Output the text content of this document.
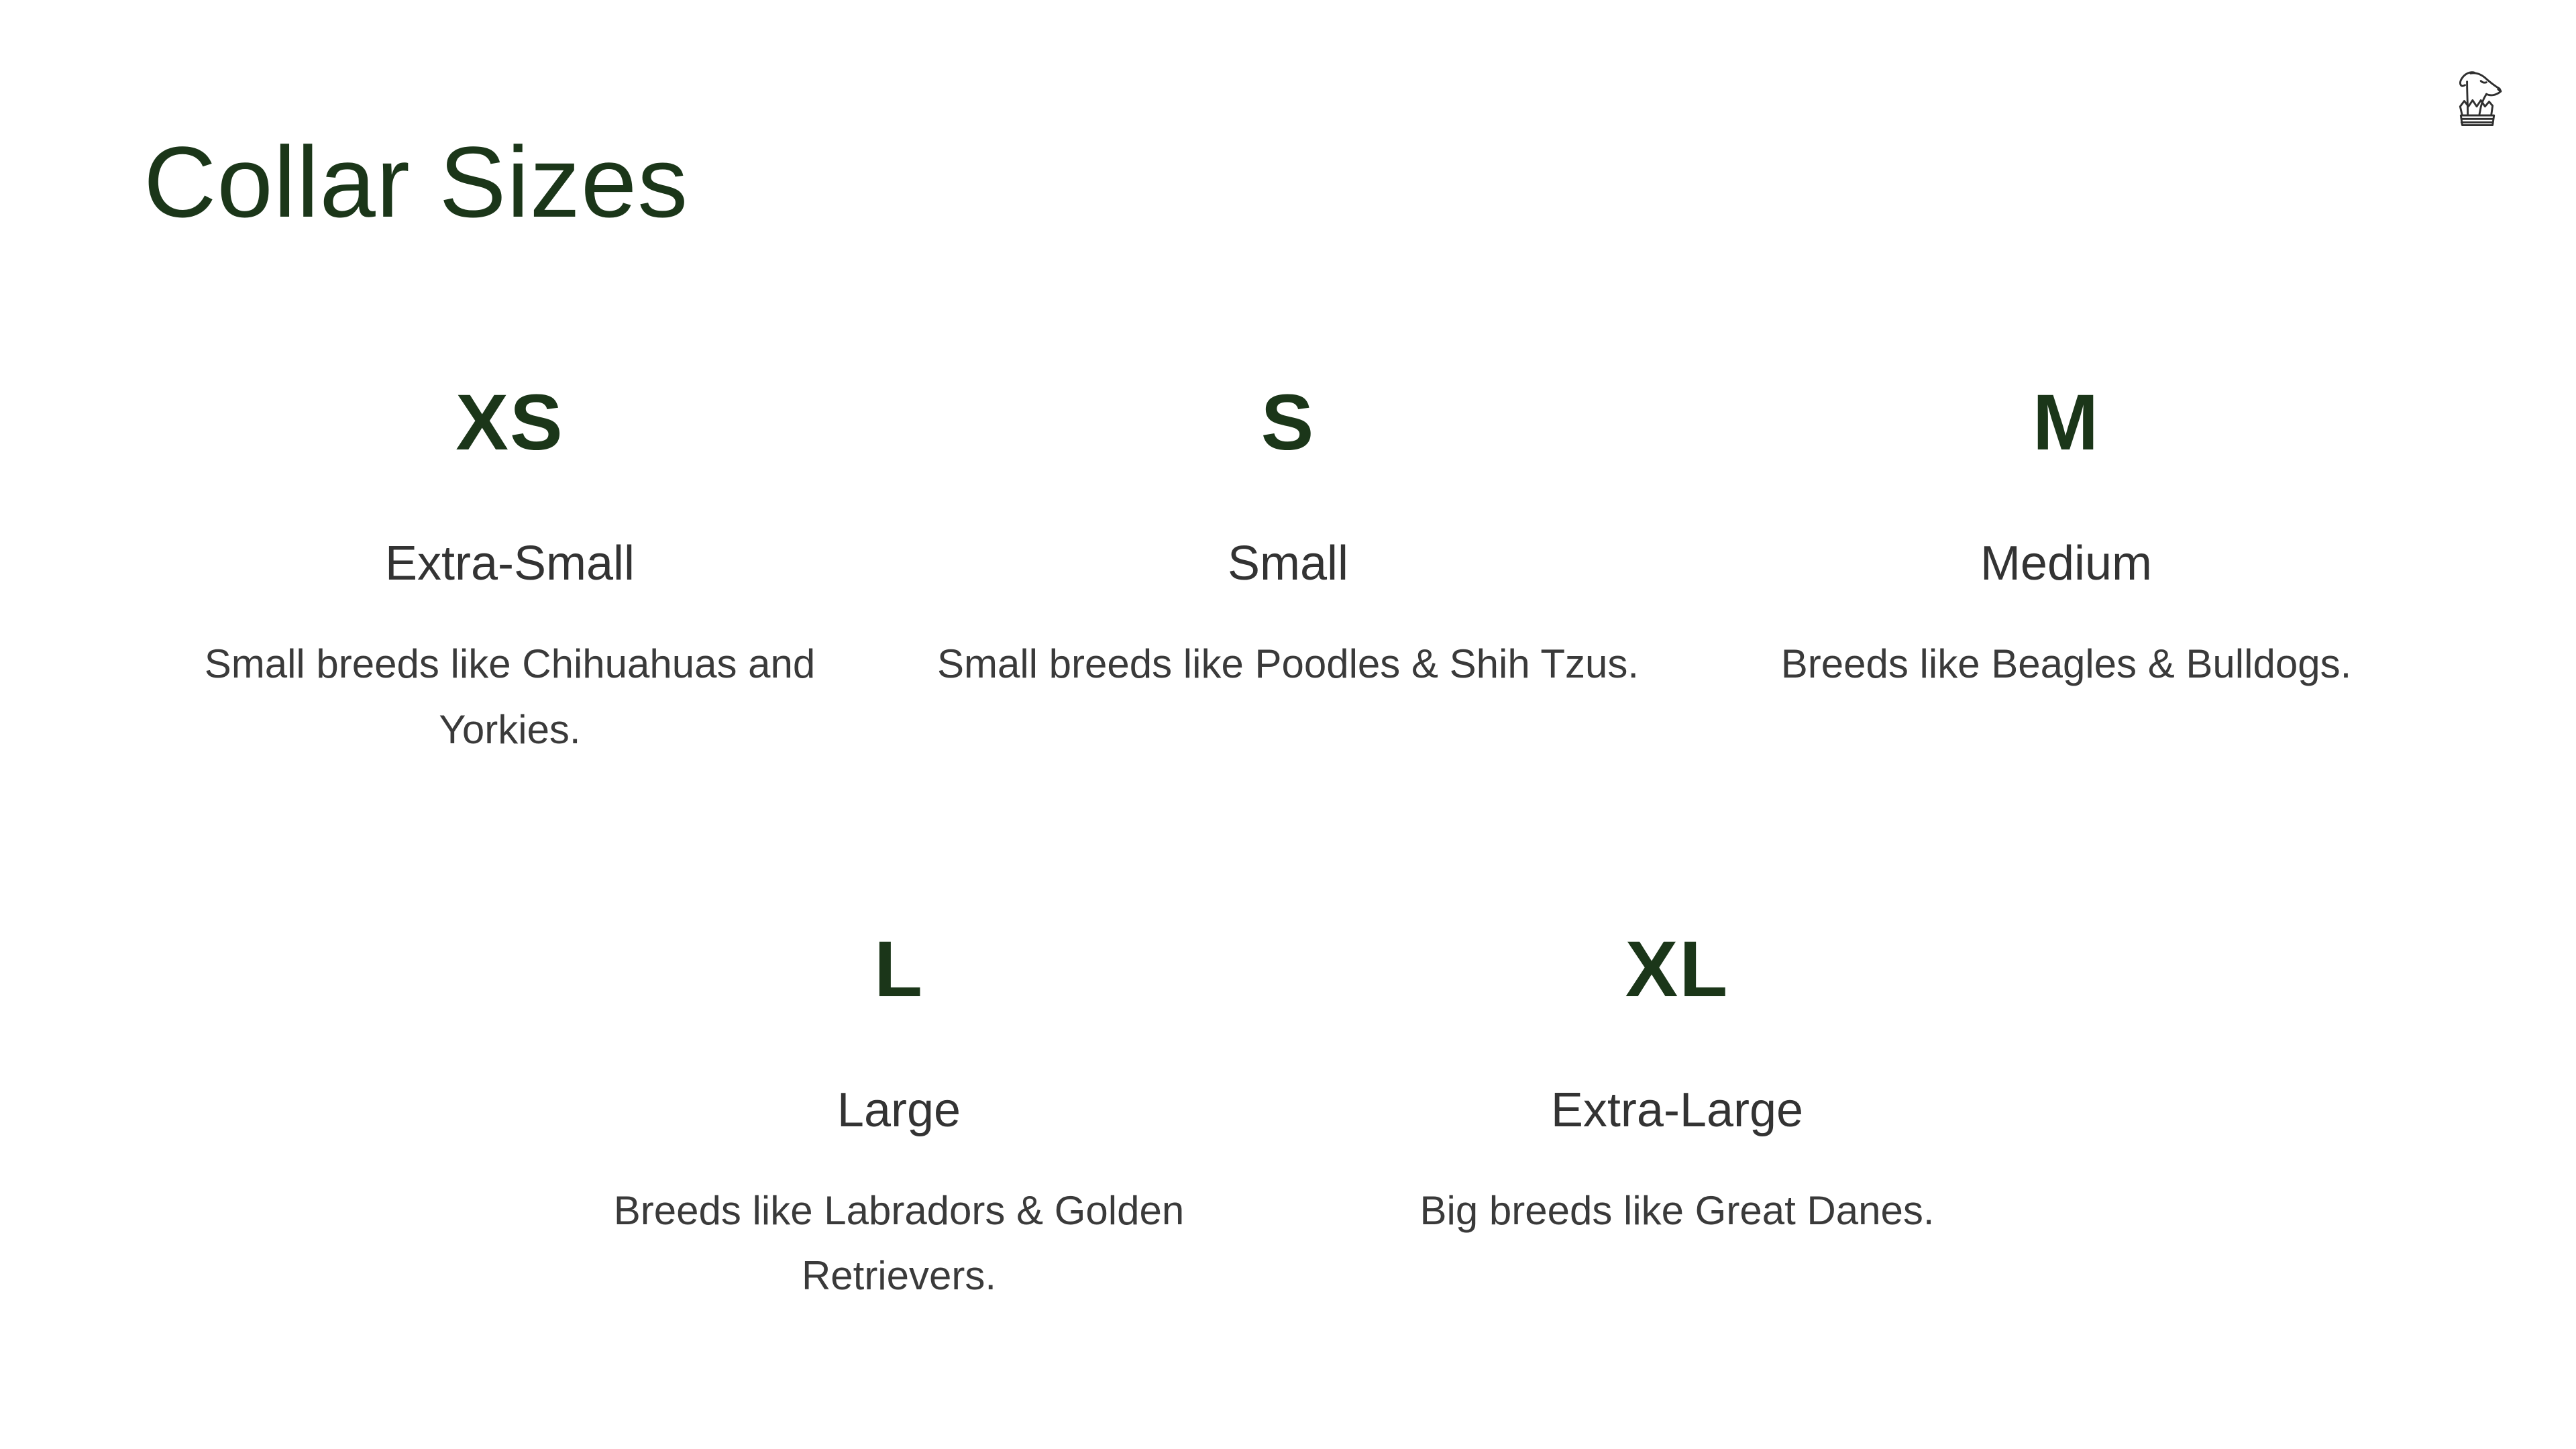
Collar Sizes
XS
Extra-Small

Small breeds like Chihuahuas and Yorkies.

S
Small

Small breeds like Poodles & Shih Tzus.

M
Medium

Breeds like Beagles & Bulldogs.

L
Large

Breeds like Labradors & Golden Retrievers.

XL
Extra-Large

Big breeds like Great Danes.
